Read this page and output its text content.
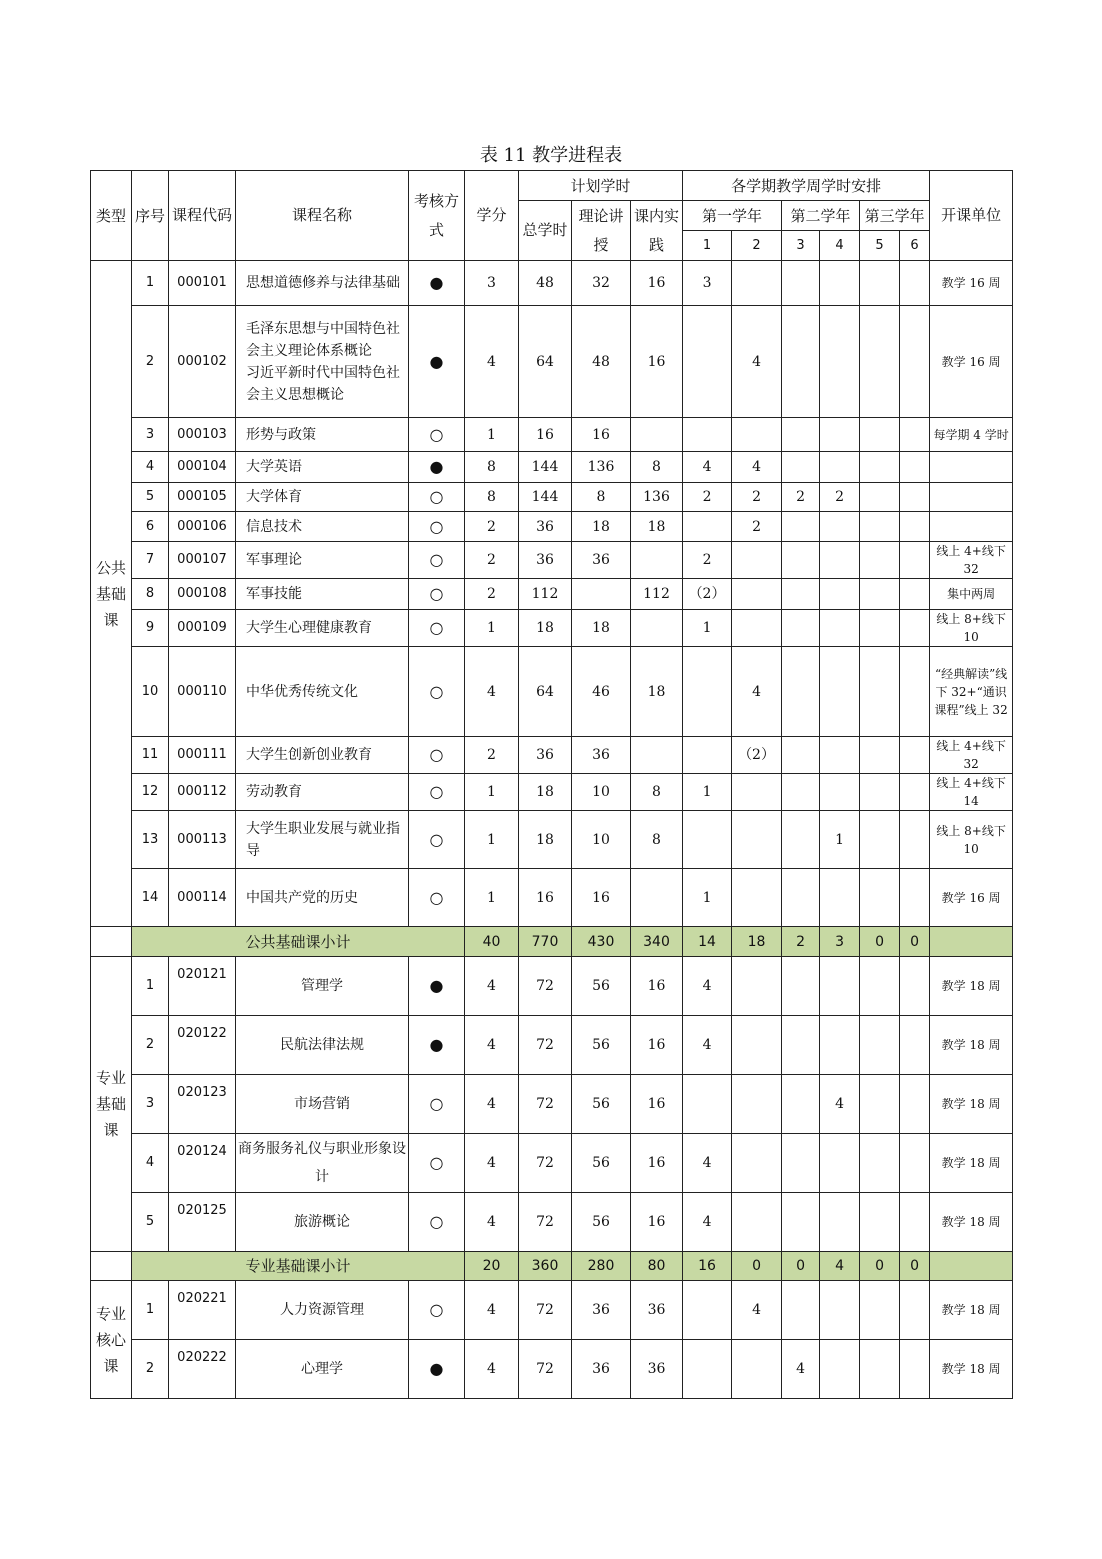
表 11 教学进程表
类型	序号	课程代码	课程名称	考核方式	学分	计划学时			各学期教学周学时安排						开课单位
						总学时	理论讲授	课内实践	第一学年		第二学年		第三学年		
									1	2	3	4	5	6	
公共基础课	1	000101	思想道德修养与法律基础	●	3	48	32	16	3						教学 16 周
	2	000102	毛泽东思想与中国特色社会主义理论体系概论
习近平新时代中国特色社会主义思想概论	●	4	64	48	16		4					教学 16 周
	3	000103	形势与政策	○	1	16	16								每学期 4 学时
	4	000104	大学英语	●	8	144	136	8	4	4					
	5	000105	大学体育	○	8	144	8	136	2	2	2	2			
	6	000106	信息技术	○	2	36	18	18		2					
	7	000107	军事理论	○	2	36	36		2						线上 4+线下 32
	8	000108	军事技能	○	2	112		112	（2）						集中两周
	9	000109	大学生心理健康教育	○	1	18	18		1						线上 8+线下 10
	10	000110	中华优秀传统文化	○	4	64	46	18		4					“经典解读”线下 32+“通识课程”线上 32
	11	000111	大学生创新创业教育	○	2	36	36			（2）					线上 4+线下 32
	12	000112	劳动教育	○	1	18	10	8	1						线上 4+线下 14
	13	000113	大学生职业发展与就业指导	○	1	18	10	8				1			线上 8+线下 10
	14	000114	中国共产党的历史	○	1	16	16		1						教学 16 周
	公共基础课小计				40	770	430	340	14	18	2	3	0	0	
专业基础课	1	020121	管理学	●	4	72	56	16	4						教学 18 周
	2	020122	民航法律法规	●	4	72	56	16	4						教学 18 周
	3	020123	市场营销	○	4	72	56	16				4			教学 18 周
	4	020124	商务服务礼仪与职业形象设计	○	4	72	56	16	4						教学 18 周
	5	020125	旅游概论	○	4	72	56	16	4						教学 18 周
	专业基础课小计				20	360	280	80	16	0	0	4	0	0	
专业核心课	1	020221	人力资源管理	○	4	72	36	36		4					教学 18 周
	2	020222	心理学	●	4	72	36	36			4				教学 18 周
